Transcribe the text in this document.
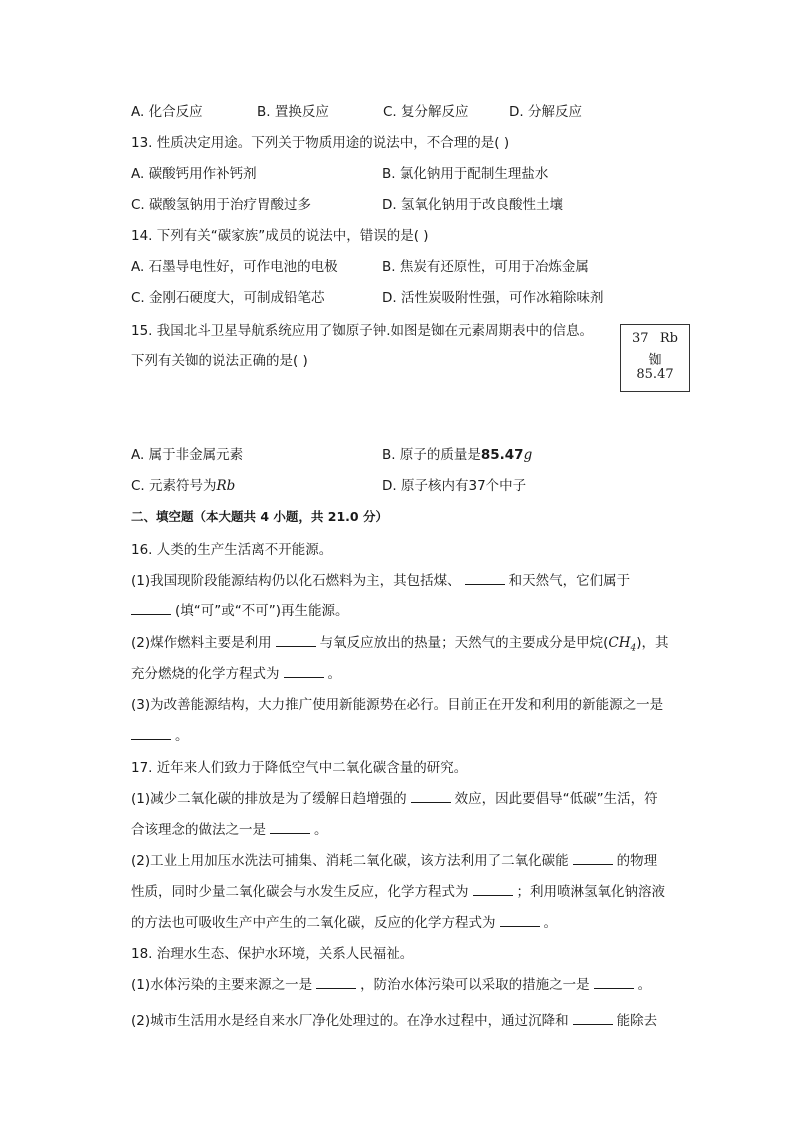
A. 化合反应	B. 置换反应	C. 复分解反应	D. 分解反应
13. 性质决定用途。下列关于物质用途的说法中，不合理的是( )
A. 碳酸钙用作补钙剂	B. 氯化钠用于配制生理盐水
C. 碳酸氢钠用于治疗胃酸过多	D. 氢氧化钠用于改良酸性土壤
14. 下列有关“碳家族”成员的说法中，错误的是( )
A. 石墨导电性好，可作电池的电极	B. 焦炭有还原性，可用于冶炼金属
C. 金刚石硬度大，可制成铅笔芯	D. 活性炭吸附性强，可作冰箱除味剂
15. 我国北斗卫星导航系统应用了铷原子钟.如图是铷在元素周期表中的信息。
下列有关铷的说法正确的是( )
37 Rb
铷
85.47
A. 属于非金属元素	B. 原子的质量是85.47g
C. 元素符号为Rb	D. 原子核内有37个中子
二、填空题（本大题共 4 小题，共 21.0 分）
16. 人类的生产生活离不开能源。
(1)我国现阶段能源结构仍以化石燃料为主，其包括煤、	和天然气，它们属于
(填“可”或“不可”)再生能源。
(2)煤作燃料主要是利用	与氧反应放出的热量；天然气的主要成分是甲烷$(CH_4)$，其
充分燃烧的化学方程式为	。
(3)为改善能源结构，大力推广使用新能源势在必行。目前正在开发和利用的新能源之一是
。
17. 近年来人们致力于降低空气中二氧化碳含量的研究。
(1)减少二氧化碳的排放是为了缓解日趋增强的	效应，因此要倡导“低碳”生活，符
合该理念的做法之一是	。
(2)工业上用加压水洗法可捕集、消耗二氧化碳，该方法利用了二氧化碳能	的物理
性质，同时少量二氧化碳会与水发生反应，化学方程式为	；利用喷淋氢氧化钠溶液
的方法也可吸收生产中产生的二氧化碳，反应的化学方程式为	。
18. 治理水生态、保护水环境，关系人民福祉。
(1)水体污染的主要来源之一是	，防治水体污染可以采取的措施之一是	。
(2)城市生活用水是经自来水厂净化处理过的。在净水过程中，通过沉降和	能除去
